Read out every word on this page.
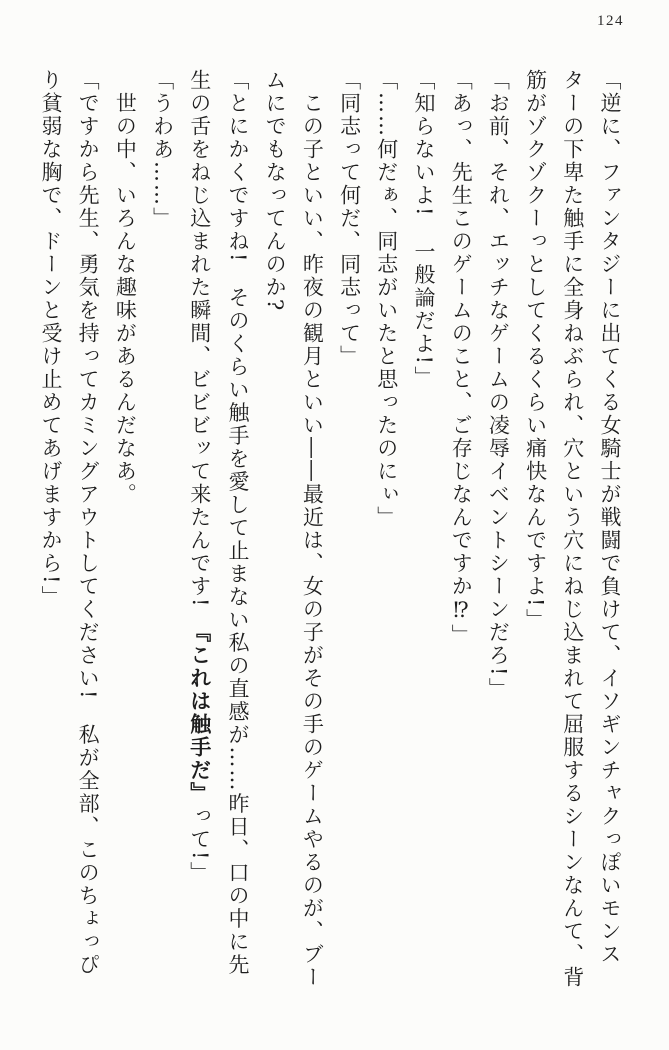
124

「逆に、ファンタジーに出てくる女騎士が戦闘で負けて、イソギンチャクっぽいモンス

ターの下卑た触手に全身ねぶられ、穴という穴にねじ込まれて屈服するシーンなんて、背

筋がゾクゾクーっとしてくるくらい痛快なんですよ!」

「お前、それ、エッチなゲームの凌辱イベントシーンだろ!」

「あっ、先生このゲームのこと、ご存じなんですか⁉」

「知らないよ!　一般論だよ!」

「……何だぁ、同志がいたと思ったのにぃ」

「同志って何だ、同志って」

　この子といい、昨夜の観月といい――最近は、女の子がその手のゲームやるのが、ブー

ムにでもなってんのか?

「とにかくですね!　そのくらい触手を愛して止まない私の直感が……昨日、口の中に先

生の舌をねじ込まれた瞬間、ビビビッて来たんです!　『これは触手だ』って!」

「うわあ……」

　世の中、いろんな趣味があるんだなあ。

「ですから先生、勇気を持ってカミングアウトしてください!　私が全部、このちょっぴ

り貧弱な胸で、ドーンと受け止めてあげますから!」
